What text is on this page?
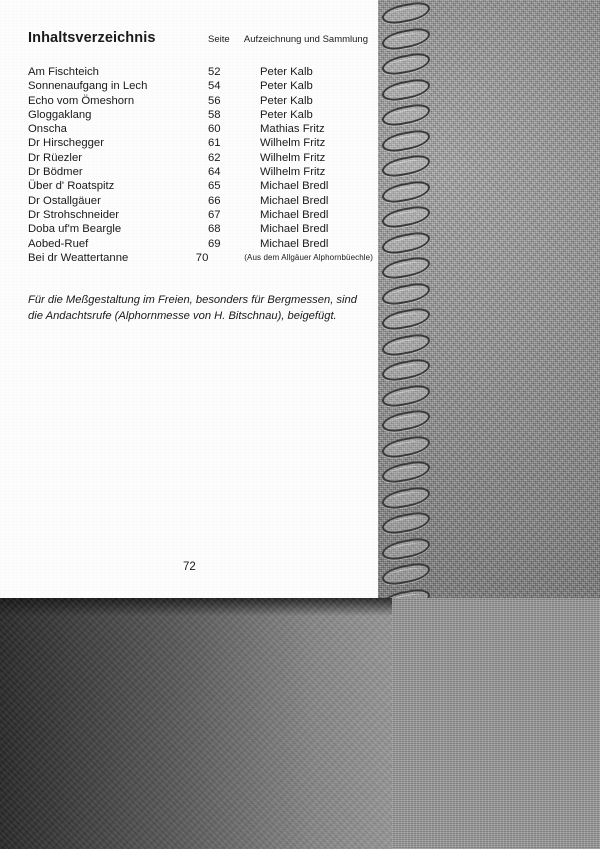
Inhaltsverzeichnis	Seite	Aufzeichnung und Sammlung
Am Fischteich	52	Peter Kalb
Sonnenaufgang in Lech	54	Peter Kalb
Echo vom Ömeshorn	56	Peter Kalb
Gloggaklang	58	Peter Kalb
Onscha	60	Mathias Fritz
Dr Hirschegger	61	Wilhelm Fritz
Dr Rüezler	62	Wilhelm Fritz
Dr Bödmer	64	Wilhelm Fritz
Über d' Roatspitz	65	Michael Bredl
Dr Ostallgäuer	66	Michael Bredl
Dr Strohschneider	67	Michael Bredl
Doba uf'm Beargle	68	Michael Bredl
Aobed-Ruef	69	Michael Bredl
Bei dr Weattertanne	70	(Aus dem Allgäuer Alphornbüechle)
Für die Meßgestaltung im Freien, besonders für Bergmessen, sind die Andachtsrufe (Alphornmesse von H. Bitschnau), beigefügt.
72
